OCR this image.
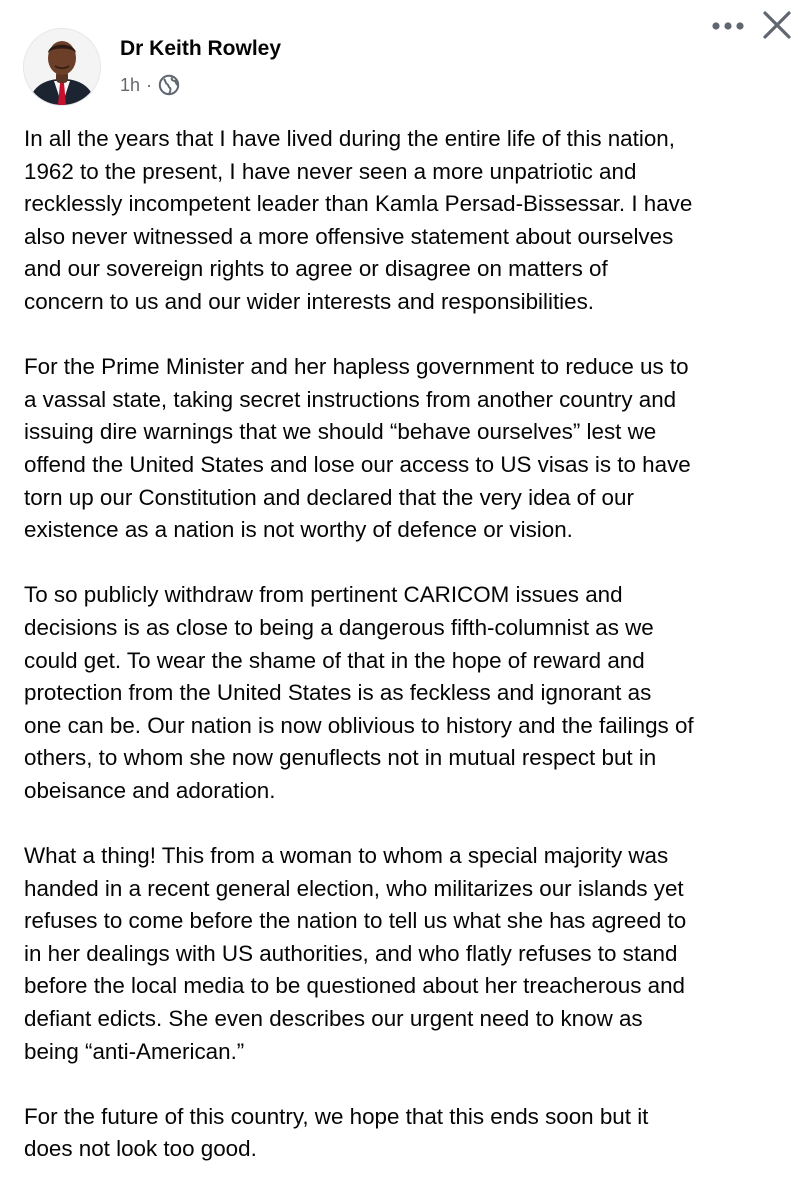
Dr Keith Rowley
1h ·

In all the years that I have lived during the entire life of this nation,
1962 to the present, I have never seen a more unpatriotic and
recklessly incompetent leader than Kamla Persad-Bissessar. I have
also never witnessed a more offensive statement about ourselves
and our sovereign rights to agree or disagree on matters of
concern to us and our wider interests and responsibilities.

For the Prime Minister and her hapless government to reduce us to
a vassal state, taking secret instructions from another country and
issuing dire warnings that we should “behave ourselves” lest we
offend the United States and lose our access to US visas is to have
torn up our Constitution and declared that the very idea of our
existence as a nation is not worthy of defence or vision.

To so publicly withdraw from pertinent CARICOM issues and
decisions is as close to being a dangerous fifth-columnist as we
could get. To wear the shame of that in the hope of reward and
protection from the United States is as feckless and ignorant as
one can be. Our nation is now oblivious to history and the failings of
others, to whom she now genuflects not in mutual respect but in
obeisance and adoration.

What a thing! This from a woman to whom a special majority was
handed in a recent general election, who militarizes our islands yet
refuses to come before the nation to tell us what she has agreed to
in her dealings with US authorities, and who flatly refuses to stand
before the local media to be questioned about her treacherous and
defiant edicts. She even describes our urgent need to know as
being “anti-American.”

For the future of this country, we hope that this ends soon but it
does not look too good.
